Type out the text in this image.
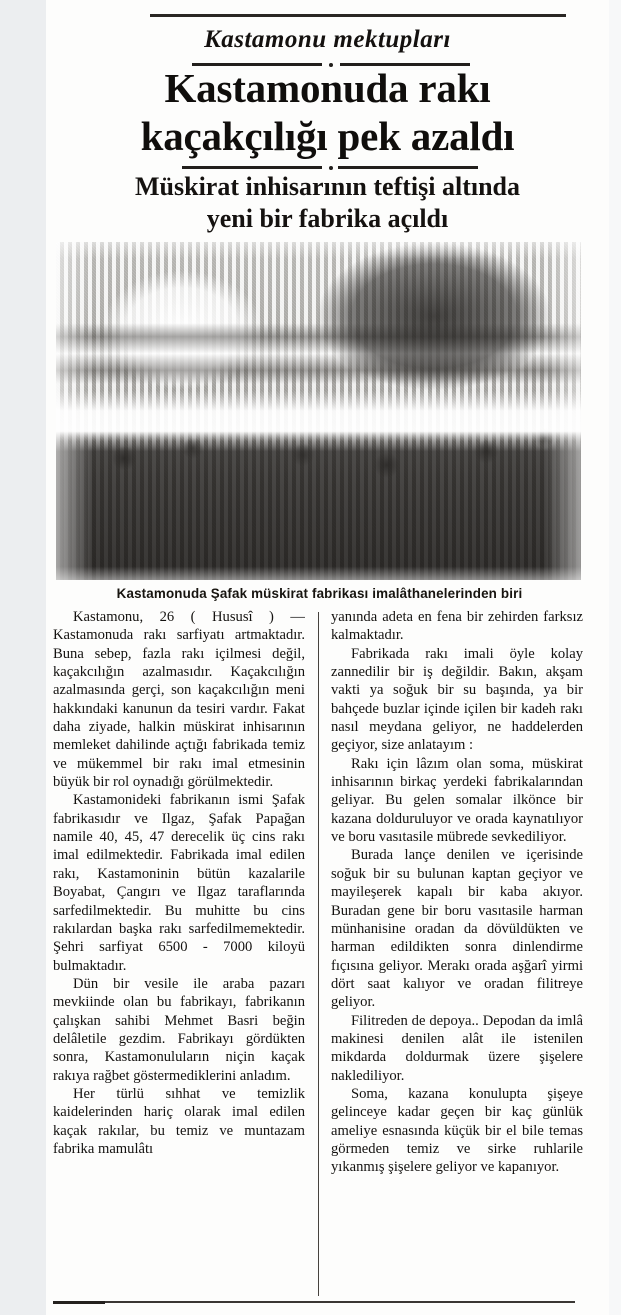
Kastamonu mektupları
Kastamonuda rakı
kaçakçılığı pek azaldı
Müskirat inhisarının teftişi altında
yeni bir fabrika açıldı
Kastamonuda Şafak müskirat fabrikası imalâthanelerinden biri

Kastamonu, 26 ( Hususî ) — Kastamonuda rakı sarfiyatı artmaktadır. Buna sebep, fazla rakı içilmesi değil, kaçakcılığın azalmasıdır. Kaçakcılığın azalmasında gerçi, son kaçakcılığın meni hakkındaki kanunun da tesiri vardır. Fakat daha ziyade, halkin müskirat inhisarının memleket dahilinde açtığı fabrikada temiz ve mükemmel bir rakı imal etmesinin büyük bir rol oynadığı görülmektedir.

Kastamonideki fabrikanın ismi Şafak fabrikasıdır ve Ilgaz, Şafak Papağan namile 40, 45, 47 derecelik üç cins rakı imal edilmektedir. Fabrikada imal edilen rakı, Kastamoninin bütün kazalarile Boyabat, Çangırı ve Ilgaz taraflarında sarfedilmektedir. Bu muhitte bu cins rakılardan başka rakı sarfedilmemektedir. Şehri sarfiyat 6500 - 7000 kiloyü bulmaktadır.

Dün bir vesile ile araba pazarı mevkiinde olan bu fabrikayı, fabrikanın çalışkan sahibi Mehmet Basri beğin delâletile gezdim. Fabrikayı gördükten sonra, Kastamonuluların niçin kaçak rakıya rağbet göstermediklerini anladım.

Her türlü sıhhat ve temizlik kaidelerinden hariç olarak imal edilen kaçak rakılar, bu temiz ve muntazam fabrika mamulâtı

yanında adeta en fena bir zehirden farksız kalmaktadır.

Fabrikada rakı imali öyle kolay zannedilir bir iş değildir. Bakın, akşam vakti ya soğuk bir su başında, ya bir bahçede buzlar içinde içilen bir kadeh rakı nasıl meydana geliyor, ne haddelerden geçiyor, size anlatayım :

Rakı için lâzım olan soma, müskirat inhisarının birkaç yerdeki fabrikalarından geliyar. Bu gelen somalar ilkönce bir kazana dolduruluyor ve orada kaynatılıyor ve boru vasıtasile mübrede sevkediliyor.

Burada lançe denilen ve içerisinde soğuk bir su bulunan kaptan geçiyor ve mayileşerek kapalı bir kaba akıyor. Buradan gene bir boru vasıtasile harman münhanisine oradan da dövüldükten ve harman edildikten sonra dinlendirme fıçısına geliyor. Merakı orada aşğarî yirmi dört saat kalıyor ve oradan filitreye geliyor.

Filitreden de depoya.. Depodan da imlâ makinesi denilen alât ile istenilen mikdarda doldurmak üzere şişelere naklediliyor.

Soma, kazana konulupta şişeye gelinceye kadar geçen bir kaç günlük ameliye esnasında küçük bir el bile temas görmeden temiz ve sirke ruhlarile yıkanmış şişelere geliyor ve kapanıyor.
